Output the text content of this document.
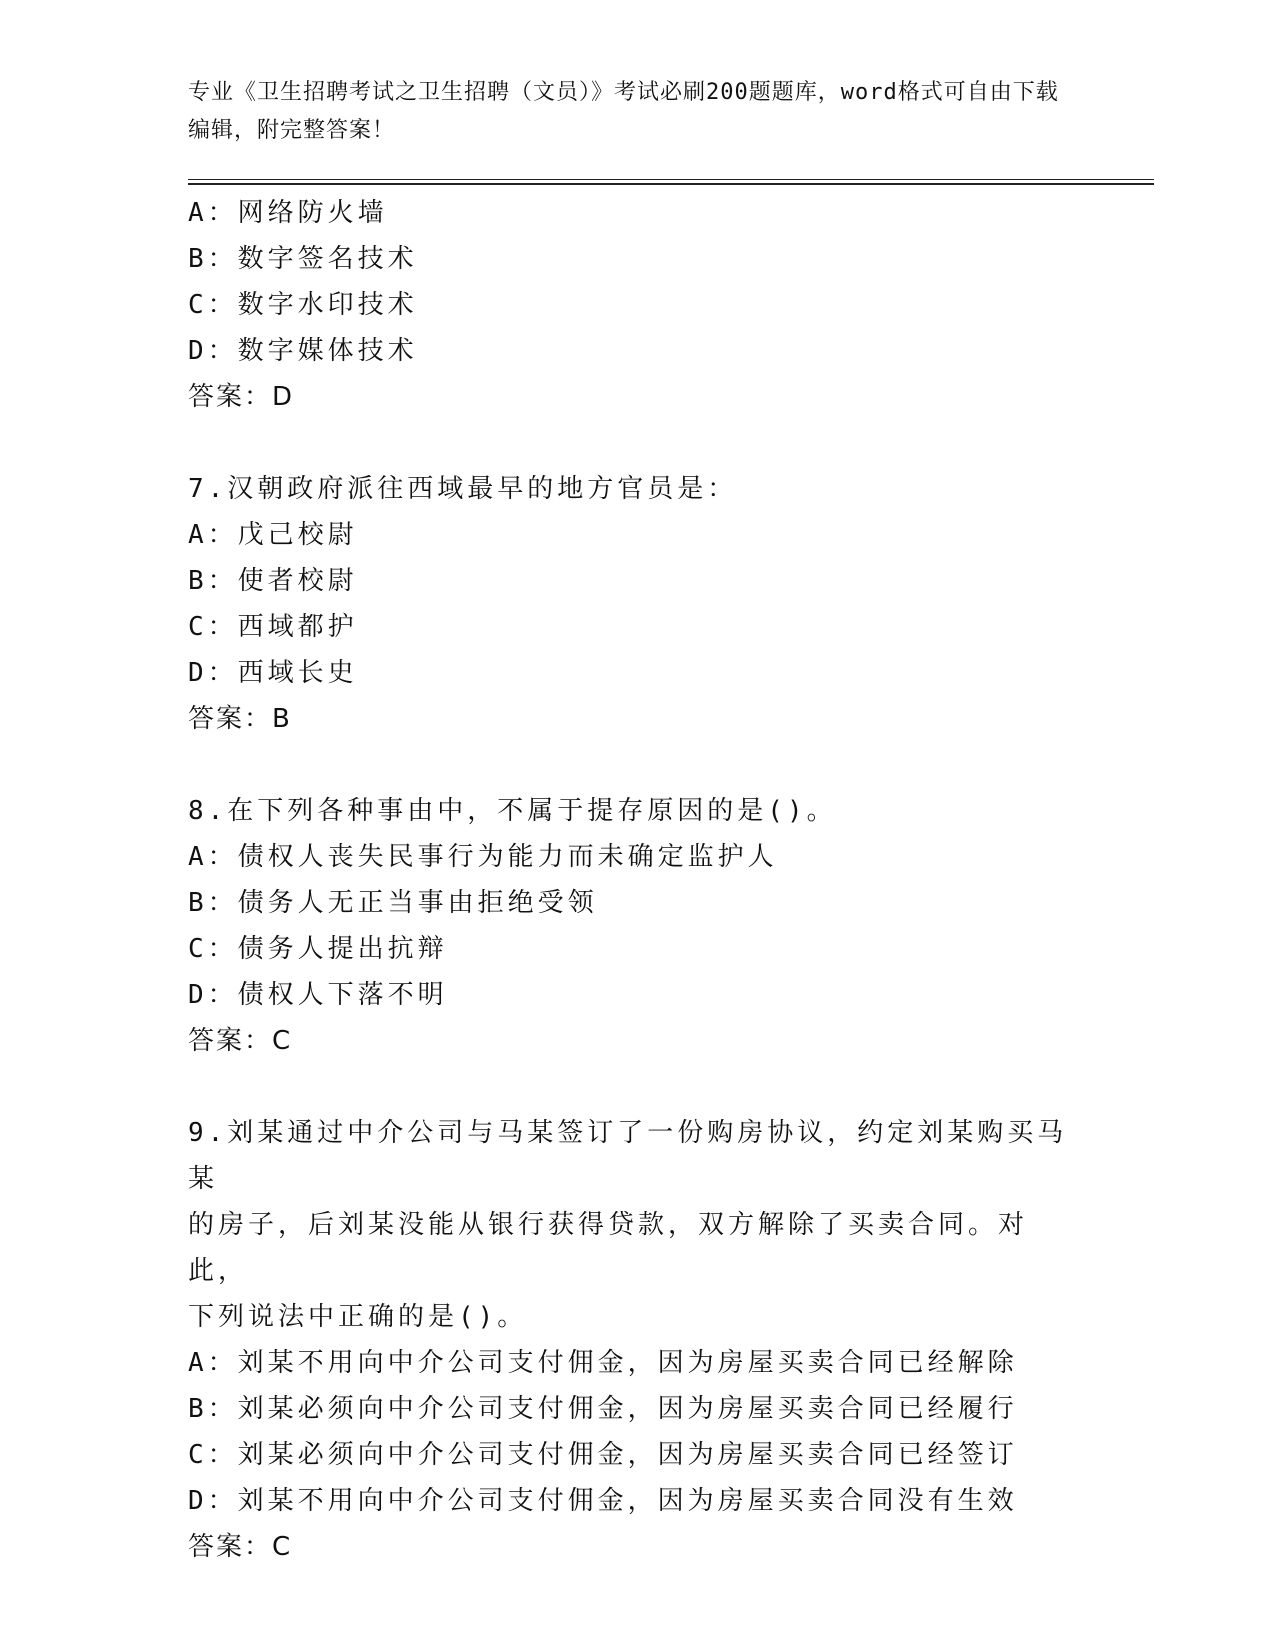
专业《卫生招聘考试之卫生招聘（文员）》考试必刷200题题库，word格式可自由下载编辑，附完整答案！
A：网络防火墙
B：数字签名技术
C：数字水印技术
D：数字媒体技术
答案：D
7.汉朝政府派往西域最早的地方官员是：
A：戊己校尉
B：使者校尉
C：西域都护
D：西域长史
答案：B
8.在下列各种事由中，不属于提存原因的是()。
A：债权人丧失民事行为能力而未确定监护人
B：债务人无正当事由拒绝受领
C：债务人提出抗辩
D：债权人下落不明
答案：C
9.刘某通过中介公司与马某签订了一份购房协议，约定刘某购买马某
的房子，后刘某没能从银行获得贷款，双方解除了买卖合同。对此，
下列说法中正确的是()。
A：刘某不用向中介公司支付佣金，因为房屋买卖合同已经解除
B：刘某必须向中介公司支付佣金，因为房屋买卖合同已经履行
C：刘某必须向中介公司支付佣金，因为房屋买卖合同已经签订
D：刘某不用向中介公司支付佣金，因为房屋买卖合同没有生效
答案：C
